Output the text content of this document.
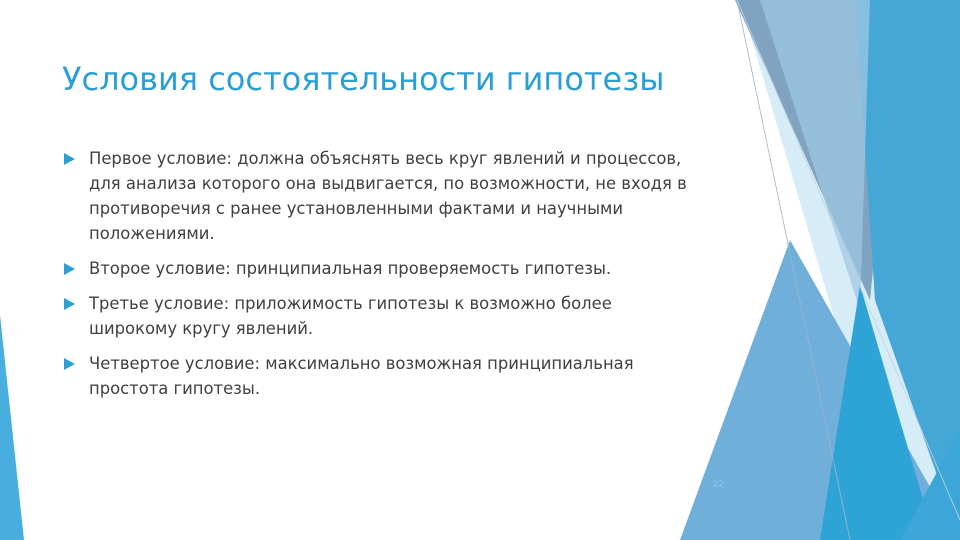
Условия состоятельности гипотезы
Первое условие: должна объяснять весь круг явлений и процессов, для анализа которого она выдвигается, по возможности, не входя в противоречия с ранее установленными фактами и научными положениями.
Второе условие: принципиальная проверяемость гипотезы.
Третье условие: приложимость гипотезы к возможно более широкому кругу явлений.
Четвертое условие: максимально возможная принципиальная простота гипотезы.
22
